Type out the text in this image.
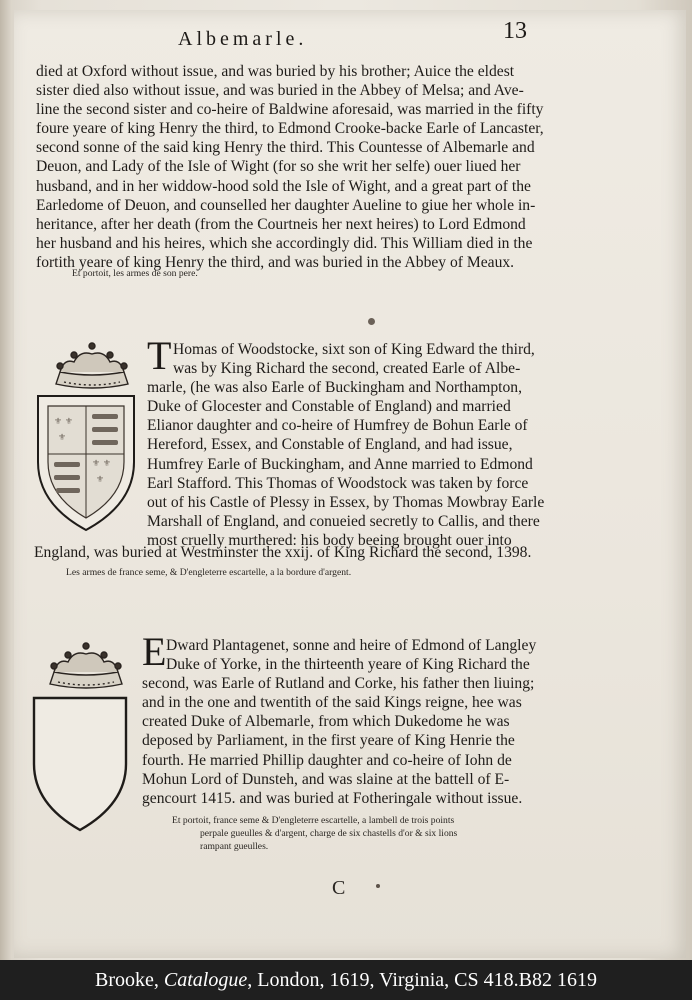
Albemarle.	13
died at Oxford without issue, and was buried by his brother; Auice the eldest
sister died also without issue, and was buried in the Abbey of Melsa; and Ave-
line the second sister and co-heire of Baldwine aforesaid, was married in the fifty
foure yeare of king Henry the third, to Edmond Crooke-backe Earle of Lancaster,
second sonne of the said king Henry the third. This Countesse of Albemarle and
Deuon, and Lady of the Isle of Wight (for so she writ her selfe) ouer liued her
husband, and in her widdow-hood sold the Isle of Wight, and a great part of the
Earledome of Deuon, and counselled her daughter Aueline to giue her whole in-
heritance, after her death (from the Courtneis her next heires) to Lord Edmond
her husband and his heires, which she accordingly did. This William died in the
fortith yeare of king Henry the third, and was buried in the Abbey of Meaux.
Et portoit, les armes de son pere.
⚜ ⚜
⚜
⚜ ⚜
⚜
T Homas of Woodstocke, sixt son of King Edward the third,
was by King Richard the second, created Earle of Albe-
marle, (he was also Earle of Buckingham and Northampton,
Duke of Glocester and Constable of England) and married
Elianor daughter and co-heire of Humfrey de Bohun Earle of
Hereford, Essex, and Constable of England, and had issue,
Humfrey Earle of Buckingham, and Anne married to Edmond
Earl Stafford. This Thomas of Woodstock was taken by force
out of his Castle of Plessy in Essex, by Thomas Mowbray Earle
Marshall of England, and conueied secretly to Callis, and there
most cruelly murthered: his body beeing brought ouer into
England, was buried at Westminster the xxij. of King Richard the second, 1398.
Les armes de france seme, & D'engleterre escartelle, a la bordure d'argent.
E Dward Plantagenet, sonne and heire of Edmond of Langley
Duke of Yorke, in the thirteenth yeare of King Richard the
second, was Earle of Rutland and Corke, his father then liuing;
and in the one and twentith of the said Kings reigne, hee was
created Duke of Albemarle, from which Dukedome he was
deposed by Parliament, in the first yeare of King Henrie the
fourth. He married Phillip daughter and co-heire of Iohn de
Mohun Lord of Dunsteh, and was slaine at the battell of E-
gencourt 1415. and was buried at Fotheringale without issue.
Et portoit, france seme & D'engleterre escartelle, a lambell de trois points
perpale gueulles & d'argent, charge de six chastells d'or & six lions
rampant gueulles.
C
Brooke, Catalogue, London, 1619, Virginia, CS 418.B82 1619
